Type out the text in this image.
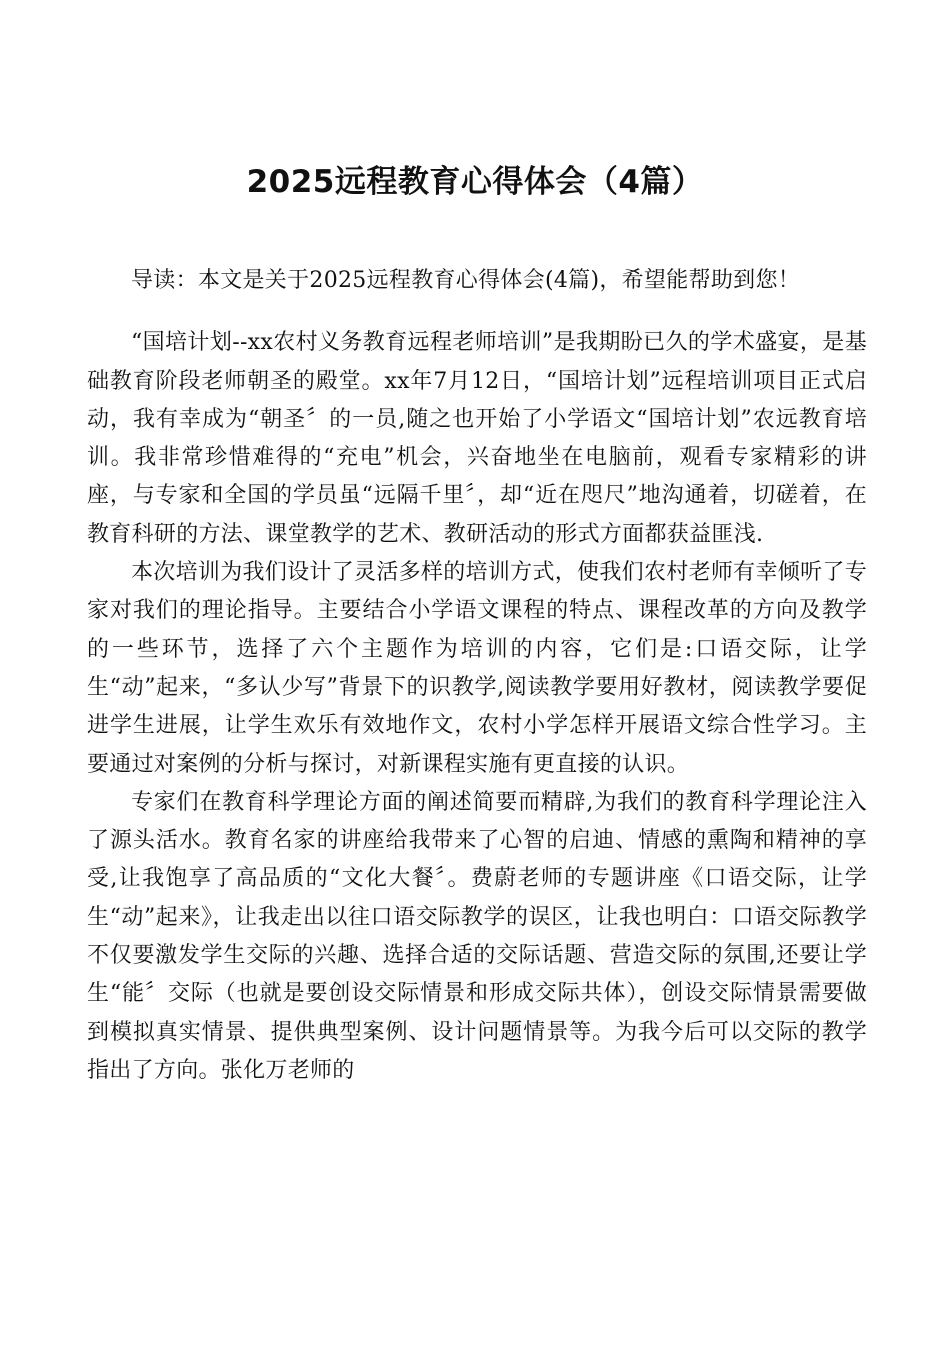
2025远程教育心得体会（4篇）

导读：本文是关于2025远程教育心得体会(4篇)，希望能帮助到您！

“国培计划--xx农村义务教育远程老师培训”是我期盼已久的学术盛宴，是基础教育阶段老师朝圣的殿堂。xx年7月12日，“国培计划”远程培训项目正式启动，我有幸成为“朝圣〞的一员,随之也开始了小学语文“国培计划”农远教育培训。我非常珍惜难得的“充电”机会，兴奋地坐在电脑前，观看专家精彩的讲座，与专家和全国的学员虽“远隔千里〞，却“近在咫尺”地沟通着，切磋着，在教育科研的方法、课堂教学的艺术、教研活动的形式方面都获益匪浅.

本次培训为我们设计了灵活多样的培训方式，使我们农村老师有幸倾听了专家对我们的理论指导。主要结合小学语文课程的特点、课程改革的方向及教学的一些环节，选择了六个主题作为培训的内容，它们是:口语交际，让学生“动”起来，“多认少写”背景下的识教学,阅读教学要用好教材，阅读教学要促进学生进展，让学生欢乐有效地作文，农村小学怎样开展语文综合性学习。主要通过对案例的分析与探讨，对新课程实施有更直接的认识。

专家们在教育科学理论方面的阐述简要而精辟,为我们的教育科学理论注入了源头活水。教育名家的讲座给我带来了心智的启迪、情感的熏陶和精神的享受,让我饱享了高品质的“文化大餐〞。费蔚老师的专题讲座《口语交际，让学生“动”起来》，让我走出以往口语交际教学的误区，让我也明白：口语交际教学不仅要激发学生交际的兴趣、选择合适的交际话题、营造交际的氛围,还要让学生“能〞交际（也就是要创设交际情景和形成交际共体），创设交际情景需要做到模拟真实情景、提供典型案例、设计问题情景等。为我今后可以交际的教学指出了方向。张化万老师的
